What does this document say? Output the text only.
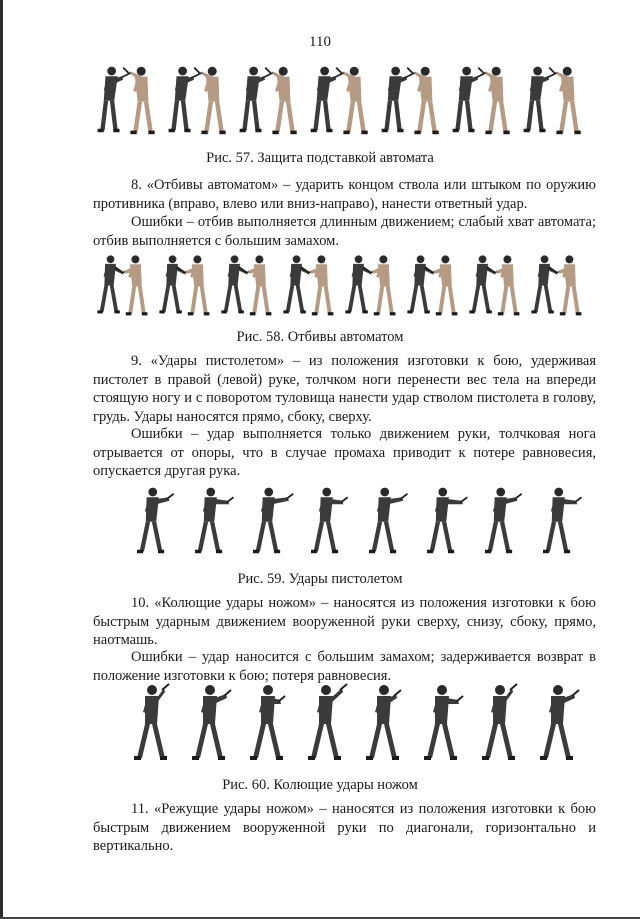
110
Рис. 57. Защита подставкой автомата

8. «Отбивы автоматом» – ударить концом ствола или штыком по оружию противника (вправо, влево или вниз-направо), нанести ответный удар.

Ошибки – отбив выполняется длинным движением; слабый хват автомата; отбив выполняется с большим замахом.

Рис. 58. Отбивы автоматом

9. «Удары пистолетом» – из положения изготовки к бою, удерживая пистолет в правой (левой) руке, толчком ноги перенести вес тела на впереди стоящую ногу и с поворотом туловища нанести удар стволом пистолета в голову, грудь. Удары наносятся прямо, сбоку, сверху.

Ошибки – удар выполняется только движением руки, толчковая нога отрывается от опоры, что в случае промаха приводит к потере равновесия, опускается другая рука.

Рис. 59. Удары пистолетом

10. «Колющие удары ножом» – наносятся из положения изготовки к бою быстрым ударным движением вооруженной руки сверху, снизу, сбоку, прямо, наотмашь.

Ошибки – удар наносится с большим замахом; задерживается возврат в положение изготовки к бою; потеря равновесия.

Рис. 60. Колющие удары ножом

11. «Режущие удары ножом» – наносятся из положения изготовки к бою быстрым движением вооруженной руки по диагонали, горизонтально и вертикально.
